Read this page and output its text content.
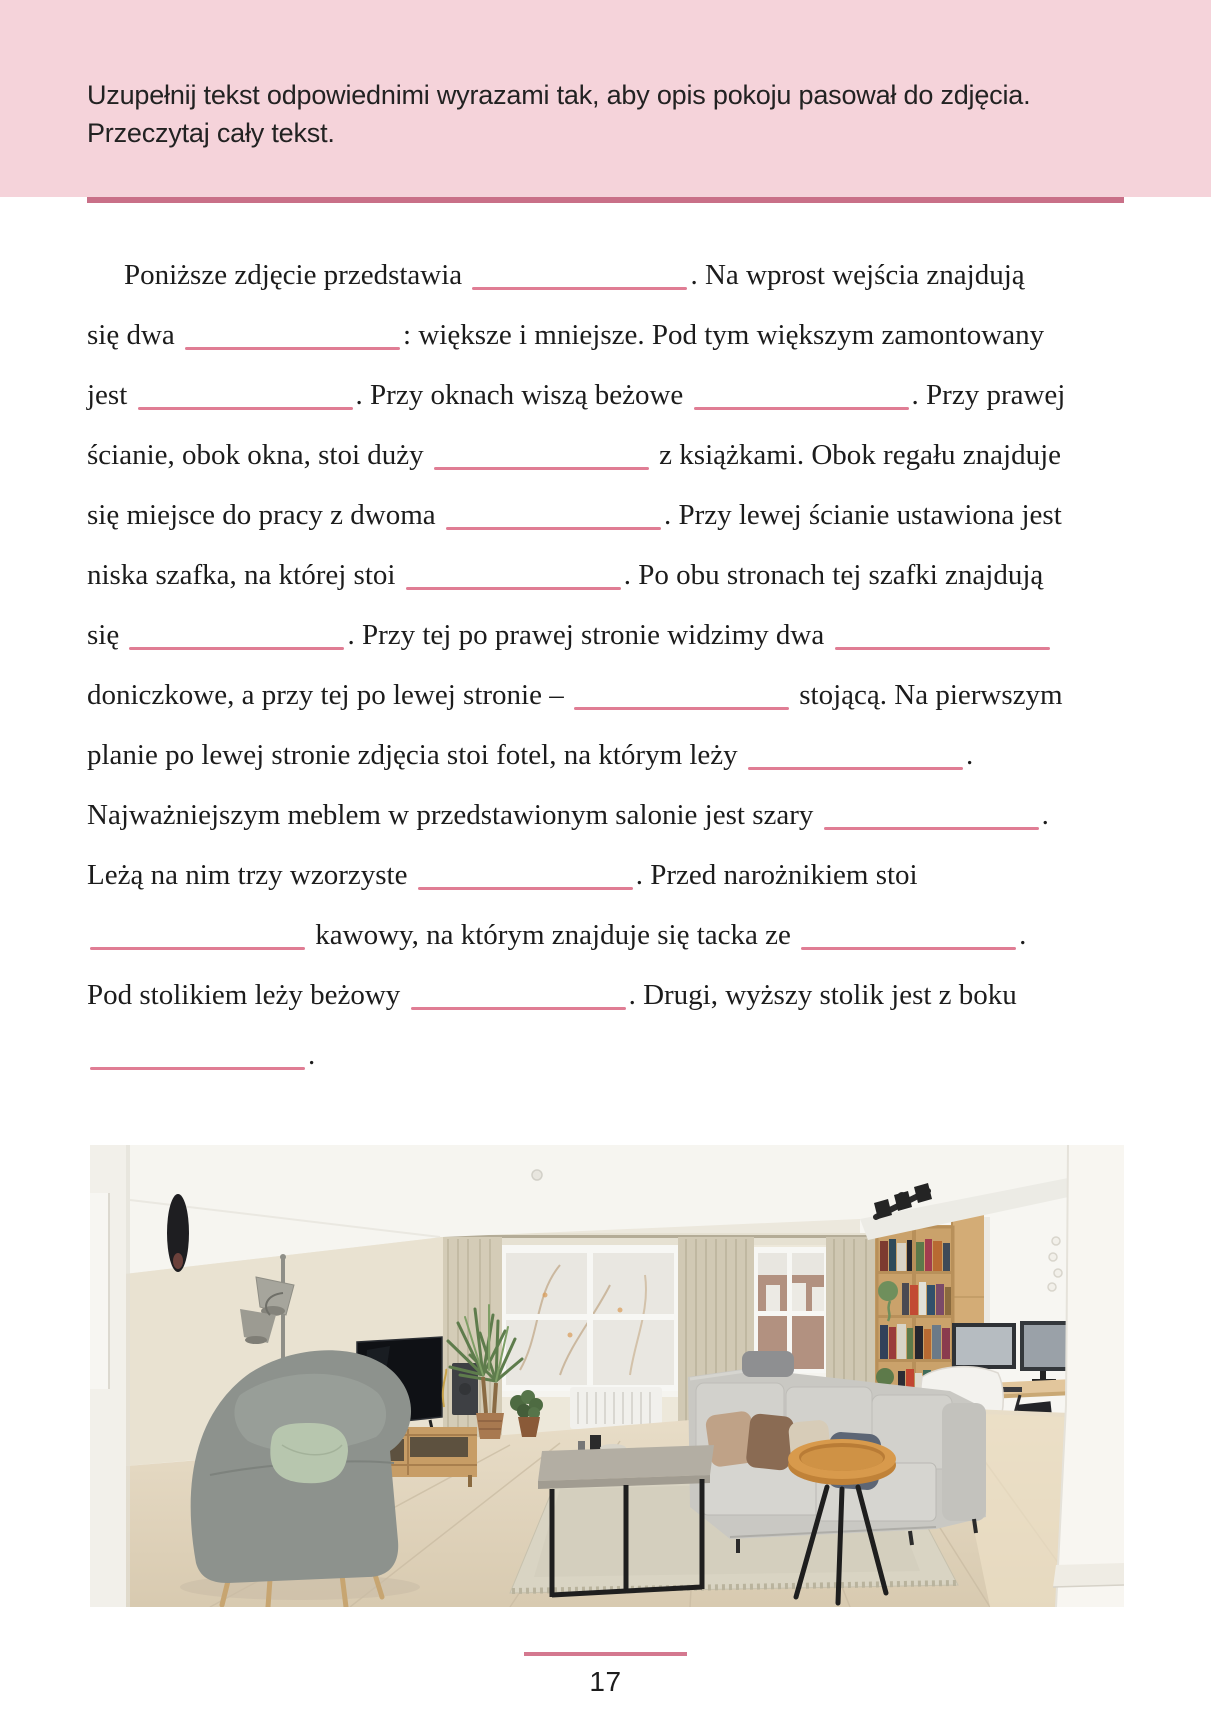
Uzupełnij tekst odpowiednimi wyrazami tak, aby opis pokoju pasował do zdjęcia.
Przeczytaj cały tekst.
Poniższe zdjęcie przedstawia	. Na wprost wejścia znajdują
się dwa	: większe i mniejsze. Pod tym większym zamontowany
jest	. Przy oknach wiszą beżowe	. Przy prawej
ścianie, obok okna, stoi duży	z książkami. Obok regału znajduje
się miejsce do pracy z dwoma	. Przy lewej ścianie ustawiona jest
niska szafka, na której stoi	. Po obu stronach tej szafki znajdują
się	. Przy tej po prawej stronie widzimy dwa
doniczkowe, a przy tej po lewej stronie –	stojącą. Na pierwszym
planie po lewej stronie zdjęcia stoi fotel, na którym leży	.
Najważniejszym meblem w przedstawionym salonie jest szary	.
Leżą na nim trzy wzorzyste	. Przed narożnikiem stoi
kawowy, na którym znajduje się tacka ze	.
Pod stolikiem leży beżowy	. Drugi, wyższy stolik jest z boku
.
17
